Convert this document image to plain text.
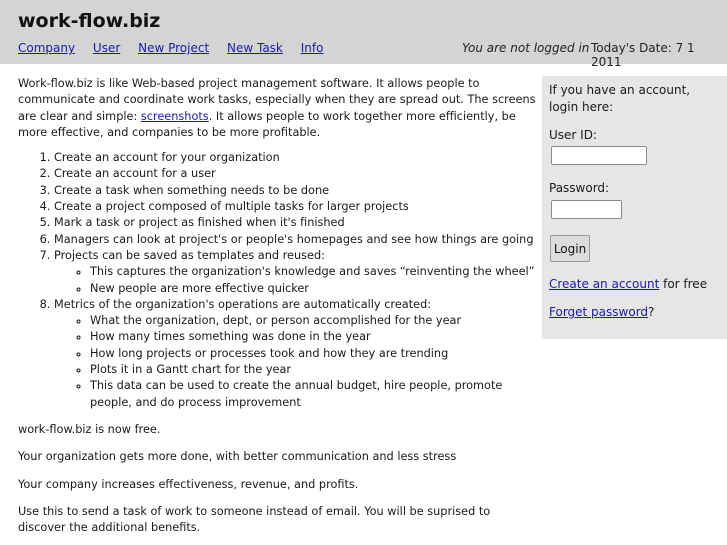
work-flow.biz
Company User New Project New Task Info	You are not logged in Today's Date: 7 1 2011

Work-flow.biz is like Web-based project management software. It allows people to communicate and coordinate work tasks, especially when they are spread out. The screens are clear and simple: screenshots. It allows people to work together more efficiently, be more effective, and companies to be more profitable.

1. Create an account for your organization
2. Create an account for a user
3. Create a task when something needs to be done
4. Create a project composed of multiple tasks for larger projects
5. Mark a task or project as finished when it's finished
6. Managers can look at project's or people's homepages and see how things are going
7. Projects can be saved as templates and reused:
◦ This captures the organization's knowledge and saves “reinventing the wheel”
◦ New people are more effective quicker
8. Metrics of the organization's operations are automatically created:
◦ What the organization, dept, or person accomplished for the year
◦ How many times something was done in the year
◦ How long projects or processes took and how they are trending
◦ Plots it in a Gantt chart for the year
◦ This data can be used to create the annual budget, hire people, promote people, and do process improvement

work-flow.biz is now free.

Your organization gets more done, with better communication and less stress

Your company increases effectiveness, revenue, and profits.

Use this to send a task of work to someone instead of email. You will be suprised to discover the additional benefits.

If you have an account, login here:
User ID:
Password:
Login
Create an account for free
Forget password?
